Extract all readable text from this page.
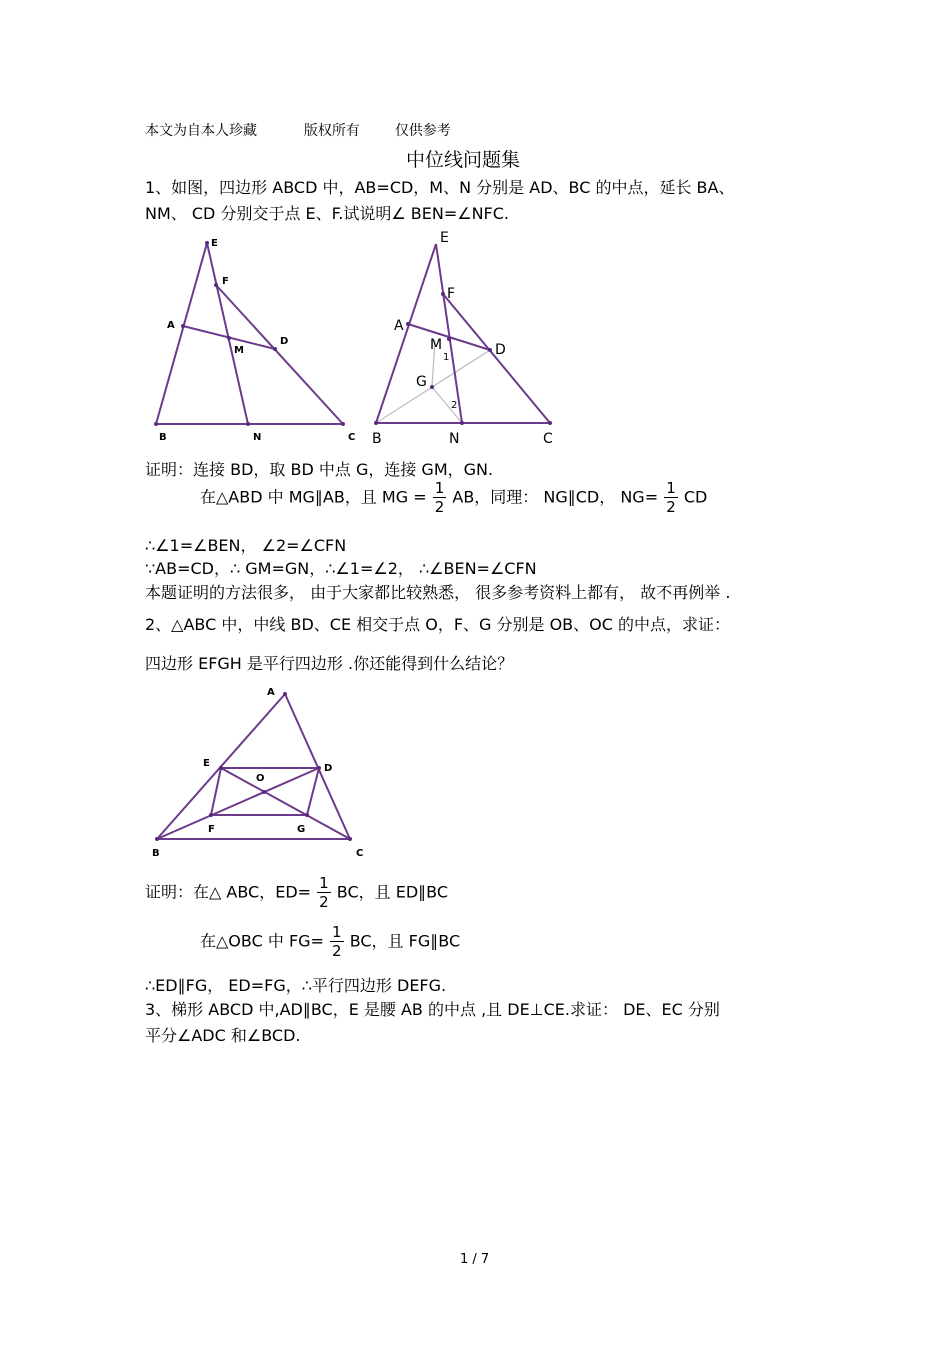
本文为自本人珍藏	版权所有 仅供参考
中位线问题集
1、如图，四边形 ABCD 中，AB=CD，M、N 分别是 AD、BC 的中点，延长 BA、
NM、 CD 分别交于点 E、F.试说明∠ BEN=∠NFC.
E
F
A
M
D
B	N	C
E
F
A
M	D
G
1
2
B	N	C
证明：连接 BD，取 BD 中点 G，连接 GM，GN.
在△ABD 中 MG∥AB，且 MG = $\frac{1}{2}$ AB，同理： NG∥CD， $NG= \frac{1}{2}$ CD
∴∠1=∠BEN， ∠2=∠CFN
∵AB=CD，∴ GM=GN，∴∠1=∠2， ∴∠BEN=∠CFN
本题证明的方法很多， 由于大家都比较熟悉， 很多参考资料上都有， 故不再例举 .
2、△ABC 中，中线 BD、CE 相交于点 O，F、G 分别是 OB、OC 的中点，求证：
四边形 EFGH 是平行四边形 .你还能得到什么结论？
A
E
O
D
F	G
B	C
证明：在△ ABC，$ED= \frac{1}{2}$ BC，且 ED∥BC
在△OBC 中 $FG= \frac{1}{2}$ BC，且 FG∥BC
∴ED∥FG， ED=FG，∴平行四边形 DEFG.
3、梯形 ABCD 中,AD∥BC，E 是腰 AB 的中点 ,且 DE⊥CE.求证： DE、EC 分别
平分∠ADC 和∠BCD.
1 / 7
